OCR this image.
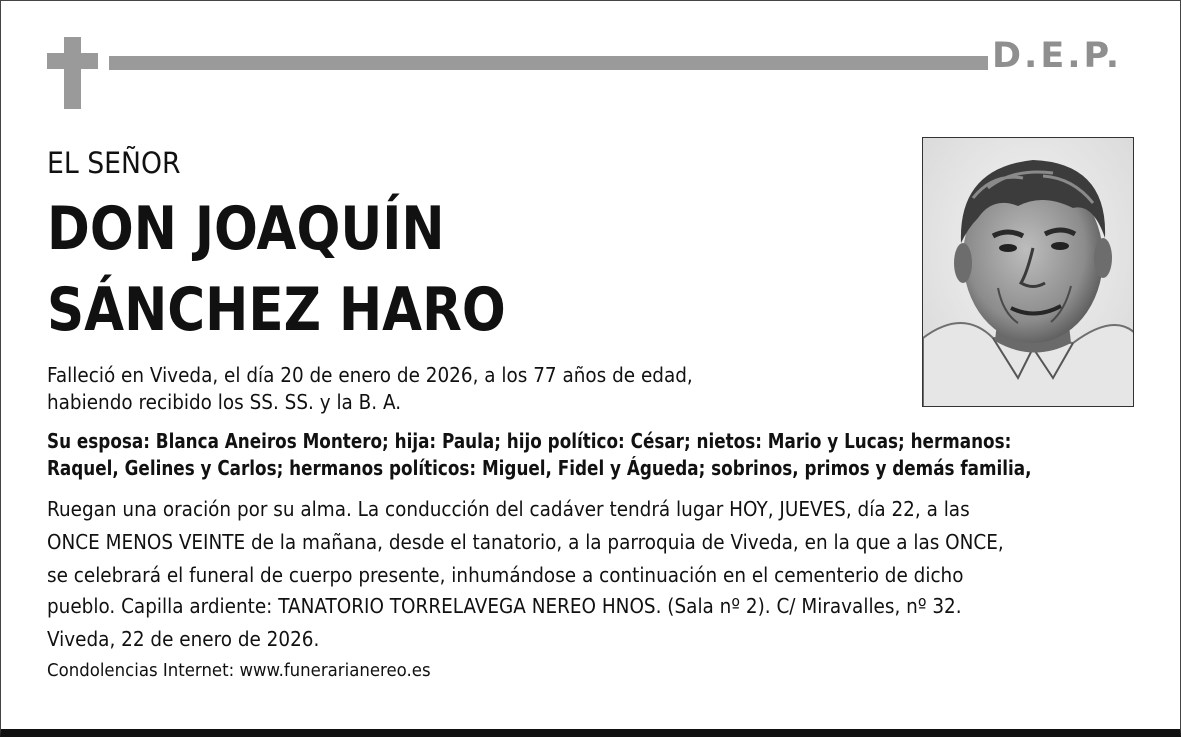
D.E.P.
EL SEÑOR
DON JOAQUÍN
SÁNCHEZ HARO

Falleció en Viveda, el día 20 de enero de 2026, a los 77 años de edad,

habiendo recibido los SS. SS. y la B. A.

Su esposa: Blanca Aneiros Montero; hija: Paula; hijo político: César; nietos: Mario y Lucas; hermanos:

Raquel, Gelines y Carlos; hermanos políticos: Miguel, Fidel y Águeda; sobrinos, primos y demás familia,

Ruegan una oración por su alma. La conducción del cadáver tendrá lugar HOY, JUEVES, día 22, a las

ONCE MENOS VEINTE de la mañana, desde el tanatorio, a la parroquia de Viveda, en la que a las ONCE,

se celebrará el funeral de cuerpo presente, inhumándose a continuación en el cementerio de dicho

pueblo. Capilla ardiente: TANATORIO TORRELAVEGA NEREO HNOS. (Sala nº 2). C/ Miravalles, nº 32.

Viveda, 22 de enero de 2026.

Condolencias Internet: www.funerarianereo.es
